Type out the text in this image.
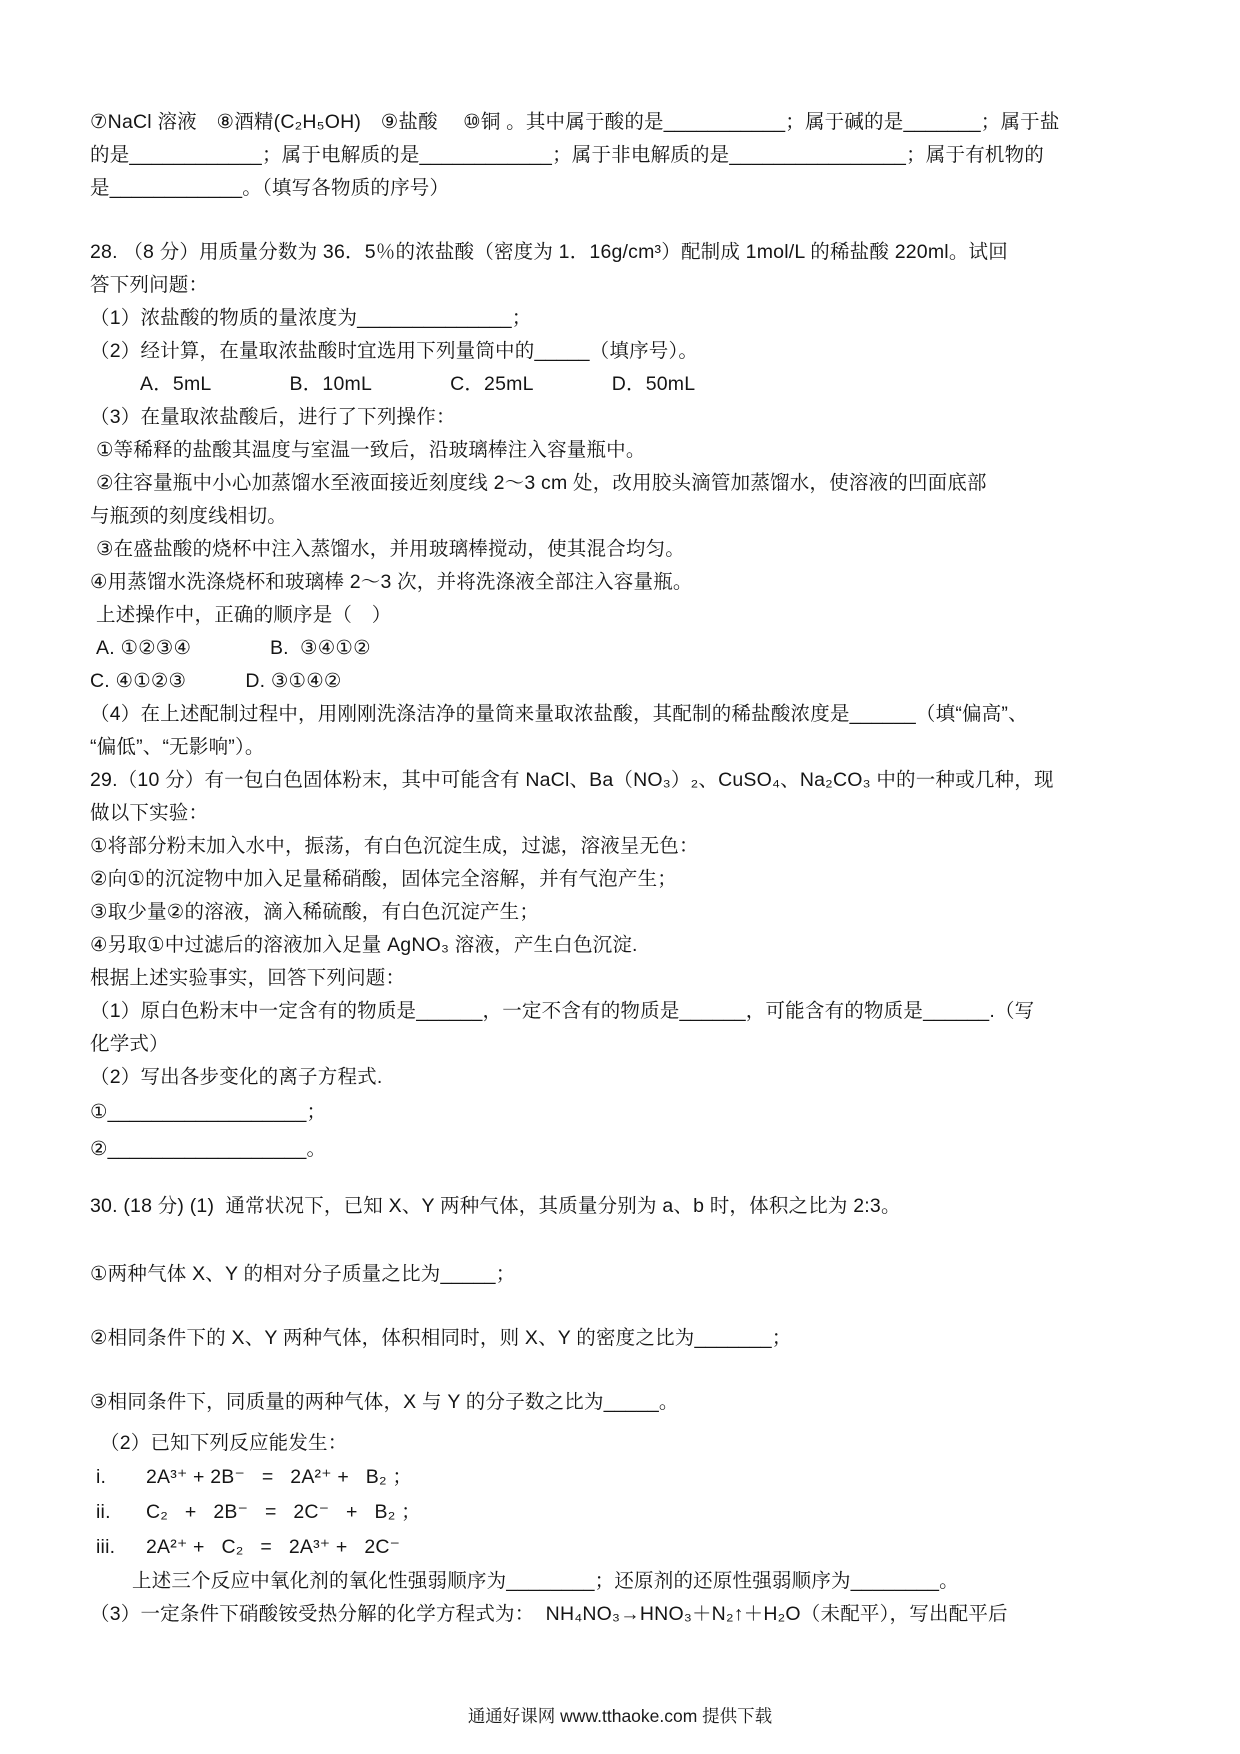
⑦NaCl 溶液　⑧酒精(C₂H₅OH)　⑨盐酸　 ⑩铜 。其中属于酸的是___________；属于碱的是_______；属于盐

的是____________；属于电解质的是____________；属于非电解质的是________________；属于有机物的

是____________。（填写各物质的序号）

28. （8 分）用质量分数为 36．5％的浓盐酸（密度为 1．16g/cm³）配制成 1mol/L 的稀盐酸 220ml。试回

答下列问题：

（1）浓盐酸的物质的量浓度为______________；

（2）经计算，在量取浓盐酸时宜选用下列量筒中的_____（填序号）。

A．5mL　　　　B．10mL　　　　C．25mL　　　　D．50mL

（3）在量取浓盐酸后，进行了下列操作：

①等稀释的盐酸其温度与室温一致后，沿玻璃棒注入容量瓶中。

②往容量瓶中小心加蒸馏水至液面接近刻度线 2～3 cm 处，改用胶头滴管加蒸馏水，使溶液的凹面底部

与瓶颈的刻度线相切。

③在盛盐酸的烧杯中注入蒸馏水，并用玻璃棒搅动，使其混合均匀。

④用蒸馏水洗涤烧杯和玻璃棒 2～3 次，并将洗涤液全部注入容量瓶。

上述操作中，正确的顺序是（　）

A. ①②③④　　　　B.  ③④①②

C. ④①②③　　　D. ③①④②

（4）在上述配制过程中，用刚刚洗涤洁净的量筒来量取浓盐酸，其配制的稀盐酸浓度是______（填“偏高”、

“偏低”、“无影响”）。

29.（10 分）有一包白色固体粉末，其中可能含有 NaCl、Ba（NO₃）₂、CuSO₄、Na₂CO₃ 中的一种或几种，现

做以下实验：

①将部分粉末加入水中，振荡，有白色沉淀生成，过滤，溶液呈无色：

②向①的沉淀物中加入足量稀硝酸，固体完全溶解，并有气泡产生；

③取少量②的溶液，滴入稀硫酸，有白色沉淀产生；

④另取①中过滤后的溶液加入足量 AgNO₃ 溶液，产生白色沉淀.

根据上述实验事实，回答下列问题：

（1）原白色粉末中一定含有的物质是______，一定不含有的物质是______，可能含有的物质是______.（写

化学式）

（2）写出各步变化的离子方程式.

①__________________；

②__________________。

30. (18 分) (1)  通常状况下，已知 X、Y 两种气体，其质量分别为 a、b 时，体积之比为 2:3。

①两种气体 X、Y 的相对分子质量之比为_____；

②相同条件下的 X、Y 两种气体，体积相同时，则 X、Y 的密度之比为_______；

③相同条件下，同质量的两种气体，X 与 Y 的分子数之比为_____。

（2）已知下列反应能发生：

i. 2A³⁺ + 2B⁻   =   2A²⁺ +   B₂ ；

ii. C₂   +   2B⁻   =   2C⁻   +   B₂ ；

iii. 2A²⁺ +   C₂   =   2A³⁺ +   2C⁻

上述三个反应中氧化剂的氧化性强弱顺序为________；还原剂的还原性强弱顺序为________。

（3）一定条件下硝酸铵受热分解的化学方程式为：  NH₄NO₃→HNO₃＋N₂↑＋H₂O（未配平），写出配平后

通通好课网 www.tthaoke.com 提供下载
